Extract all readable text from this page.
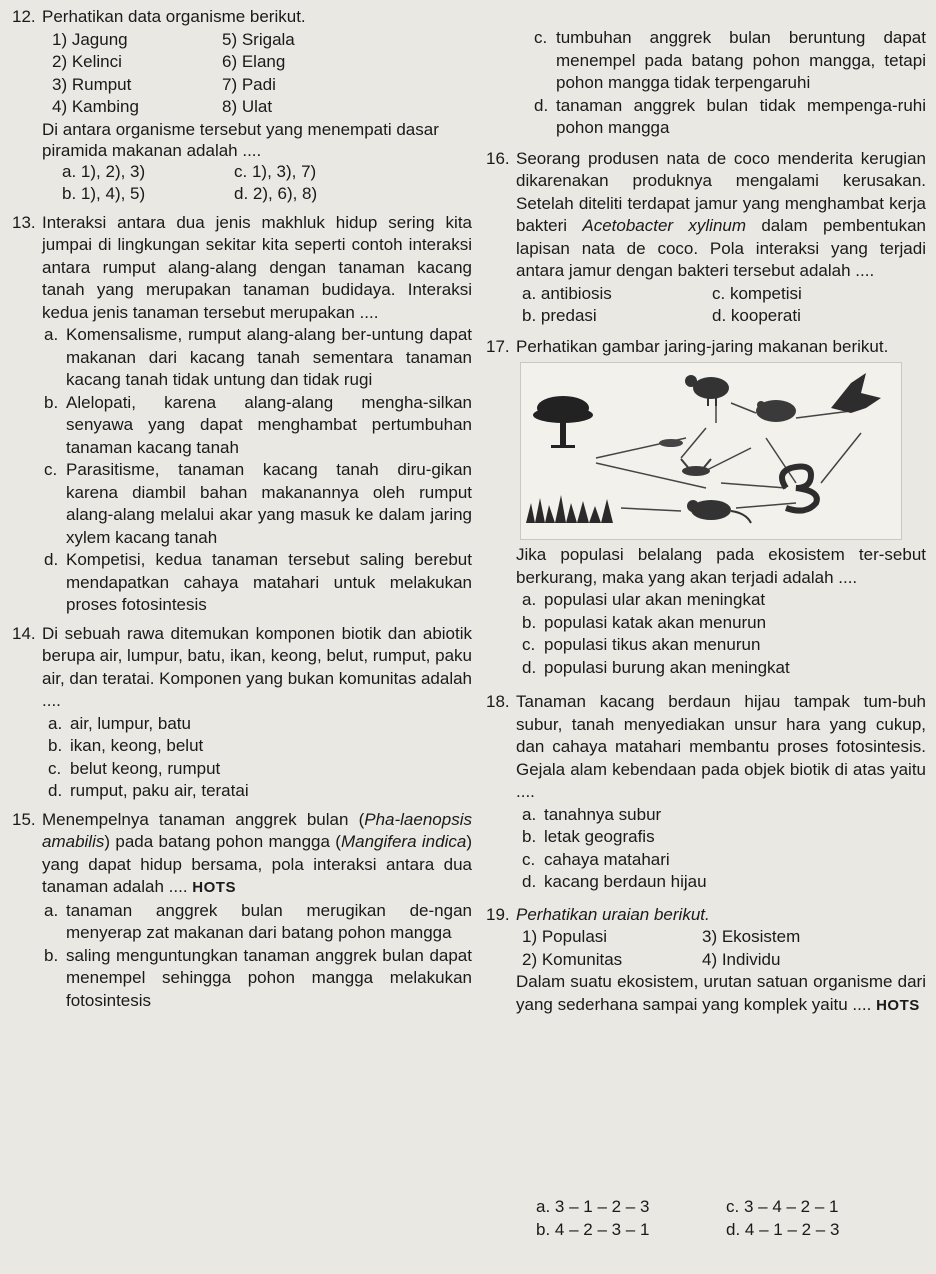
12. Perhatikan data organisme berikut.
1) Jagung	5) Srigala
2) Kelinci	6) Elang
3) Rumput	7) Padi
4) Kambing	8) Ulat
Di antara organisme tersebut yang menempati dasar piramida makanan adalah ....
a. 1), 2), 3)	c. 1), 3), 7)
b. 1), 4), 5)	d. 2), 6), 8)
13. Interaksi antara dua jenis makhluk hidup sering kita jumpai di lingkungan sekitar kita seperti contoh interaksi antara rumput alang-alang dengan tanaman kacang tanah yang merupakan tanaman budidaya. Interaksi kedua jenis tanaman tersebut merupakan ....
a. Komensalisme, rumput alang-alang ber-untung dapat makanan dari kacang tanah sementara tanaman kacang tanah tidak untung dan tidak rugi
b. Alelopati, karena alang-alang mengha-silkan senyawa yang dapat menghambat pertumbuhan tanaman kacang tanah
c. Parasitisme, tanaman kacang tanah diru-gikan karena diambil bahan makanannya oleh rumput alang-alang melalui akar yang masuk ke dalam jaring xylem kacang tanah
d. Kompetisi, kedua tanaman tersebut saling berebut mendapatkan cahaya matahari untuk melakukan proses fotosintesis
14. Di sebuah rawa ditemukan komponen biotik dan abiotik berupa air, lumpur, batu, ikan, keong, belut, rumput, paku air, dan teratai. Komponen yang bukan komunitas adalah ....
a. air, lumpur, batu
b. ikan, keong, belut
c. belut keong, rumput
d. rumput, paku air, teratai
15. Menempelnya tanaman anggrek bulan (Pha-laenopsis amabilis) pada batang pohon mangga (Mangifera indica) yang dapat hidup bersama, pola interaksi antara dua tanaman adalah .... HOTS
a. tanaman anggrek bulan merugikan de-ngan menyerap zat makanan dari batang pohon mangga
b. saling menguntungkan tanaman anggrek bulan dapat menempel sehingga pohon mangga melakukan fotosintesis
c. tumbuhan anggrek bulan beruntung dapat menempel pada batang pohon mangga, tetapi pohon mangga tidak terpengaruhi
d. tanaman anggrek bulan tidak mempenga-ruhi pohon mangga
16. Seorang produsen nata de coco menderita kerugian dikarenakan produknya mengalami kerusakan. Setelah diteliti terdapat jamur yang menghambat kerja bakteri Acetobacter xylinum dalam pembentukan lapisan nata de coco. Pola interaksi yang terjadi antara jamur dengan bakteri tersebut adalah ....
a. antibiosis	c. kompetisi
b. predasi	d. kooperati
17. Perhatikan gambar jaring-jaring makanan berikut.
Jika populasi belalang pada ekosistem ter-sebut berkurang, maka yang akan terjadi adalah ....
a. populasi ular akan meningkat
b. populasi katak akan menurun
c. populasi tikus akan menurun
d. populasi burung akan meningkat
18. Tanaman kacang berdaun hijau tampak tum-buh subur, tanah menyediakan unsur hara yang cukup, dan cahaya matahari membantu proses fotosintesis. Gejala alam kebendaan pada objek biotik di atas yaitu ....
a. tanahnya subur
b. letak geografis
c. cahaya matahari
d. kacang berdaun hijau
19. Perhatikan uraian berikut.
1) Populasi	3) Ekosistem
2) Komunitas	4) Individu
Dalam suatu ekosistem, urutan satuan organisme dari yang sederhana sampai yang komplek yaitu .... HOTS
a. 3 – 1 – 2 – 3	c. 3 – 4 – 2 – 1
b. 4 – 2 – 3 – 1	d. 4 – 1 – 2 – 3
